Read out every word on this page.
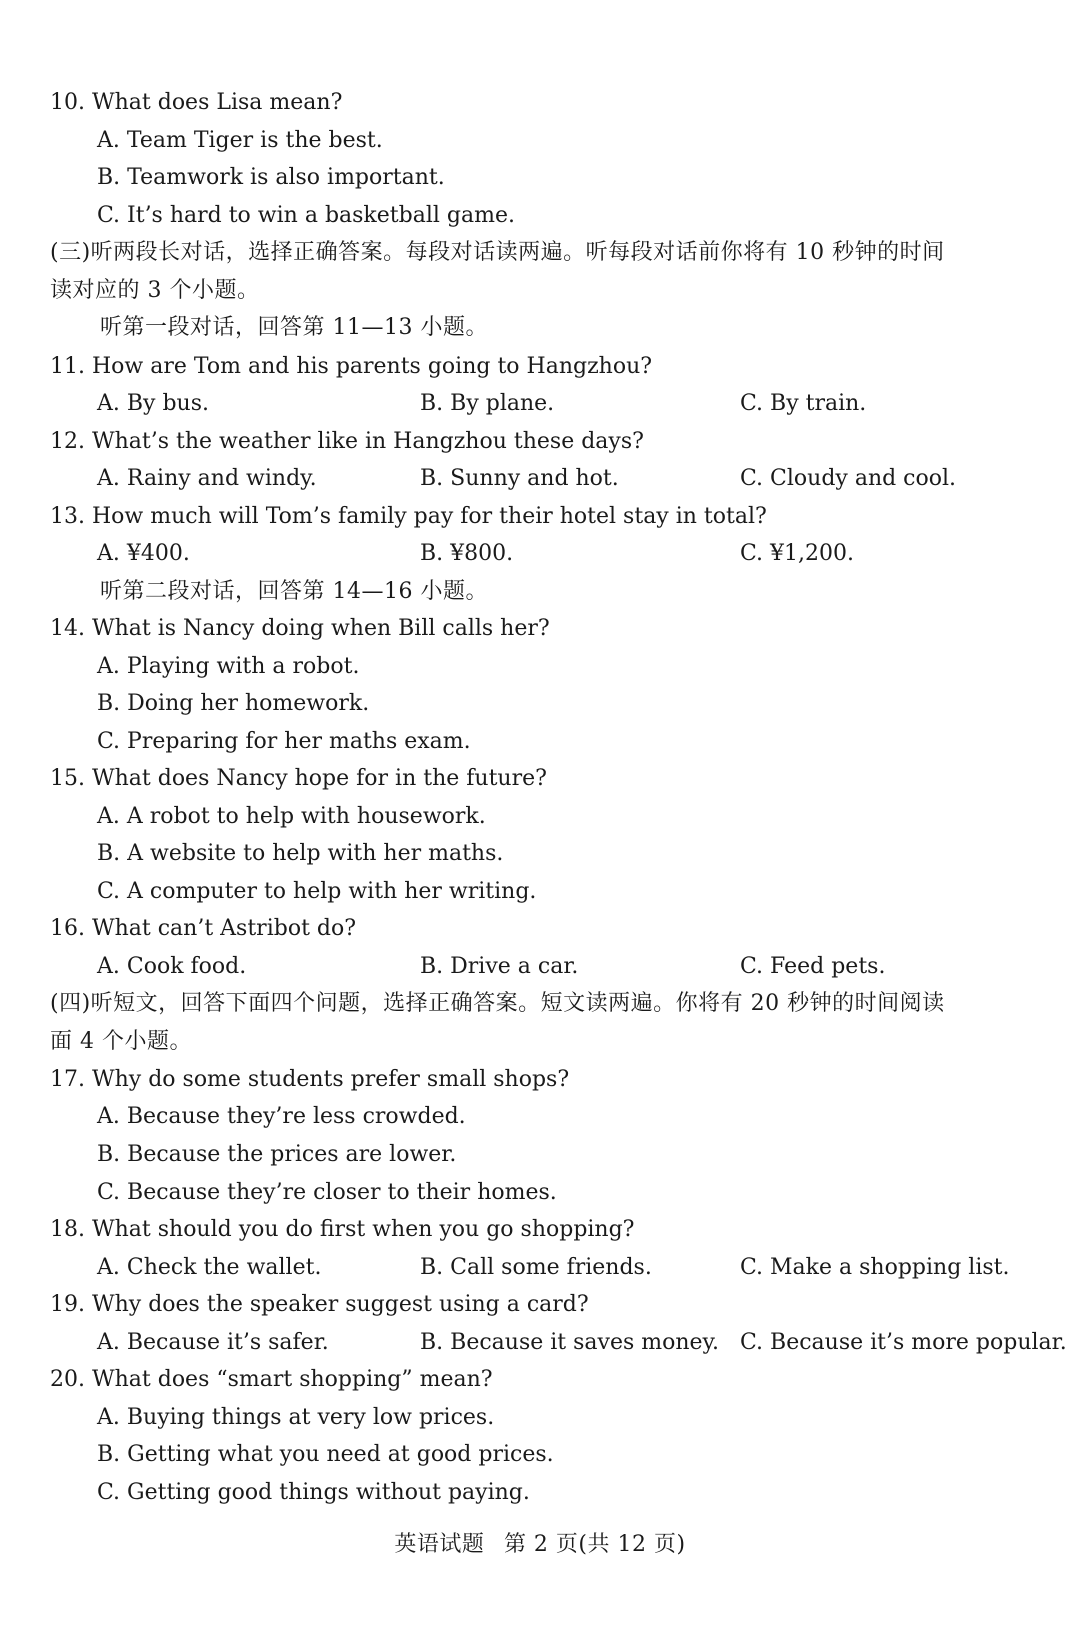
10. What does Lisa mean?
A. Team Tiger is the best.
B. Teamwork is also important.
C. It’s hard to win a basketball game.
(三)听两段长对话，选择正确答案。每段对话读两遍。听每段对话前你将有 10 秒钟的时间
读对应的 3 个小题。
听第一段对话，回答第 11—13 小题。
11. How are Tom and his parents going to Hangzhou?
A. By bus.	B. By plane.	C. By train.
12. What’s the weather like in Hangzhou these days?
A. Rainy and windy.	B. Sunny and hot.	C. Cloudy and cool.
13. How much will Tom’s family pay for their hotel stay in total?
A. ¥400.	B. ¥800.	C. ¥1,200.
听第二段对话，回答第 14—16 小题。
14. What is Nancy doing when Bill calls her?
A. Playing with a robot.
B. Doing her homework.
C. Preparing for her maths exam.
15. What does Nancy hope for in the future?
A. A robot to help with housework.
B. A website to help with her maths.
C. A computer to help with her writing.
16. What can’t Astribot do?
A. Cook food.	B. Drive a car.	C. Feed pets.
(四)听短文，回答下面四个问题，选择正确答案。短文读两遍。你将有 20 秒钟的时间阅读
面 4 个小题。
17. Why do some students prefer small shops?
A. Because they’re less crowded.
B. Because the prices are lower.
C. Because they’re closer to their homes.
18. What should you do first when you go shopping?
A. Check the wallet.	B. Call some friends.	C. Make a shopping list.
19. Why does the speaker suggest using a card?
A. Because it’s safer.	B. Because it saves money. C. Because it’s more popular.
20. What does “smart shopping” mean?
A. Buying things at very low prices.
B. Getting what you need at good prices.
C. Getting good things without paying.
英语试题 第 2 页(共 12 页)
